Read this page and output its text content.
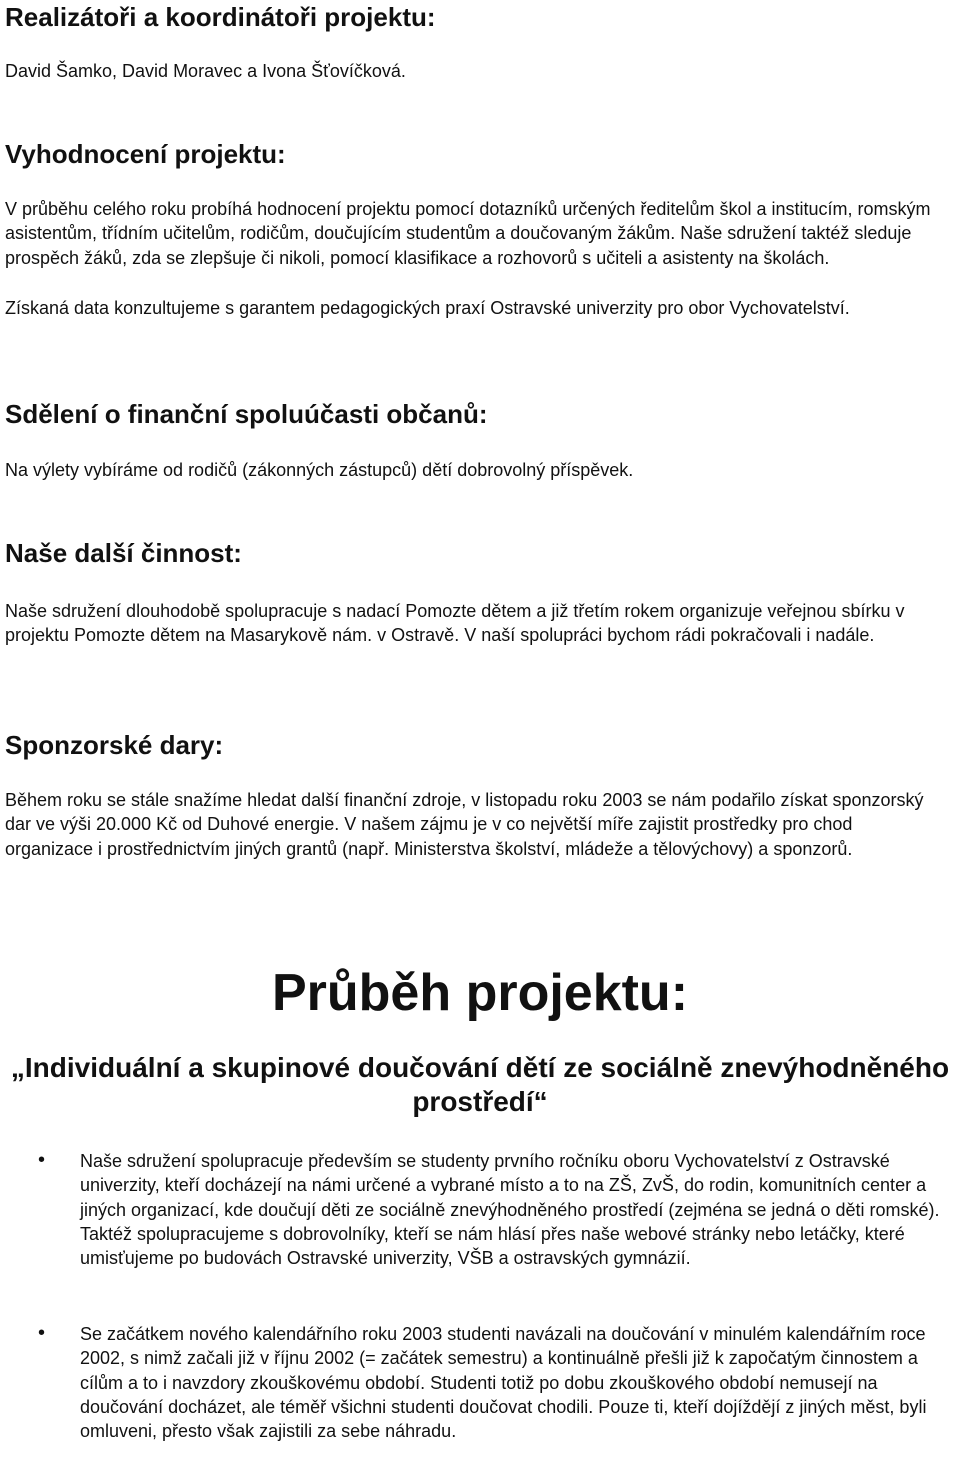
Realizátoři a koordinátoři projektu:

David Šamko, David Moravec a Ivona Šťovíčková.

Vyhodnocení projektu:

V průběhu celého roku probíhá hodnocení projektu pomocí dotazníků určených ředitelům škol a institucím, romským asistentům, třídním učitelům, rodičům, doučujícím studentům a doučovaným žákům. Naše sdružení taktéž sleduje prospěch žáků, zda se zlepšuje či nikoli, pomocí klasifikace a rozhovorů s učiteli a asistenty na školách.

Získaná data konzultujeme s garantem pedagogických praxí Ostravské univerzity pro obor Vychovatelství.

Sdělení o finanční spoluúčasti občanů:

Na výlety vybíráme od rodičů (zákonných zástupců) dětí dobrovolný příspěvek.

Naše další činnost:

Naše sdružení dlouhodobě spolupracuje s nadací Pomozte dětem a již třetím rokem organizuje veřejnou sbírku v projektu Pomozte dětem na Masarykově nám. v Ostravě. V naší spolupráci bychom rádi pokračovali i nadále.

Sponzorské dary:

Během roku se stále snažíme hledat další finanční zdroje, v listopadu roku 2003 se nám podařilo získat sponzorský dar ve výši 20.000 Kč od Duhové energie. V našem zájmu je v co největší míře zajistit prostředky pro chod organizace i prostřednictvím jiných grantů (např. Ministerstva školství, mládeže a tělovýchovy) a sponzorů.

Průběh projektu:
„Individuální a skupinové doučování dětí ze sociálně znevýhodněného prostředí“
• Naše sdružení spolupracuje především se studenty prvního ročníku oboru Vychovatelství z Ostravské univerzity, kteří docházejí na námi určené a vybrané místo a to na ZŠ, ZvŠ, do rodin, komunitních center a jiných organizací, kde doučují děti ze sociálně znevýhodněného prostředí (zejména se jedná o děti romské).
Taktéž spolupracujeme s dobrovolníky, kteří se nám hlásí přes naše webové stránky nebo letáčky, které umisťujeme po budovách Ostravské univerzity, VŠB a ostravských gymnázií.
• Se začátkem nového kalendářního roku 2003 studenti navázali na doučování v minulém kalendářním roce 2002, s nimž začali již v říjnu 2002 (= začátek semestru) a kontinuálně přešli již k započatým činnostem a cílům a to i navzdory zkouškovému období. Studenti totiž po dobu zkouškového období nemusejí na doučování docházet, ale téměř všichni studenti doučovat chodili. Pouze ti, kteří dojíždějí z jiných měst, byli omluveni, přesto však zajistili za sebe náhradu.
